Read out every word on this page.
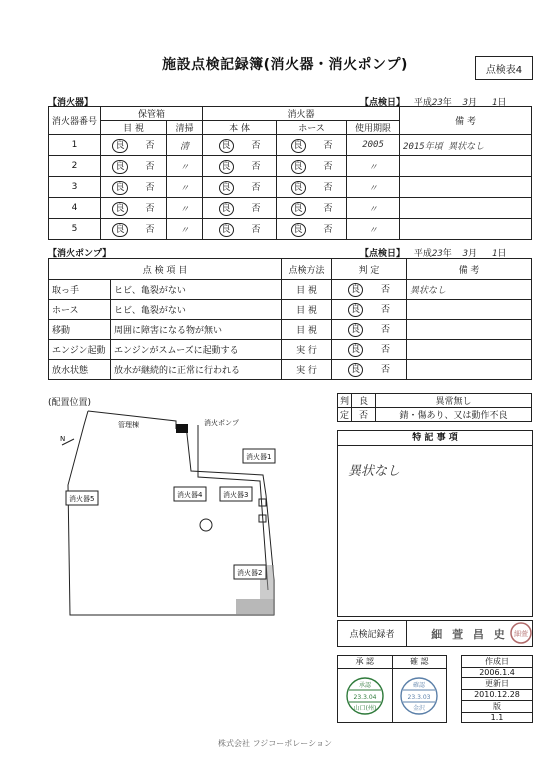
施設点検記録簿(消火器・消火ポンプ)	点検表4
【消火器】	【点検日】 平成23年 3月 1日
消火器番号	保管箱		消火器			備 考
	目 視	清掃	本 体	ホース	使用期限	
1	良 否	清	良 否	良 否	2005	2015年頃 異状なし
2	良 否	〃	良 否	良 否	〃	
3	良 否	〃	良 否	良 否	〃	
4	良 否	〃	良 否	良 否	〃	
5	良 否	〃	良 否	良 否	〃	
【消火ポンプ】	【点検日】 平成23年 3月 1日
点 検 項 目		点検方法	判 定	備 考
取っ手	ヒビ、亀裂がない	目 視	良 否	異状なし
ホース	ヒビ、亀裂がない	目 視	良 否	
移動	周囲に障害になる物が無い	目 視	良 否	
エンジン起動	エンジンがスムーズに起動する	実 行	良 否	
放水状態	放水が継続的に正常に行われる	実 行	良 否	
(配置位置)
管理棟	消火ポンプ
N
消火器1
消火器5	消火器4	消火器3
消火器2
判	良	異常無し
定	否	錆・傷あり、又は動作不良
特 記 事 項
異状なし
点検記録者	細 萱 昌 史 細萱
承 認
承認
23.3.04
山口(州)
確 認
確認
23.3.03
金沢
作成日
2006.1.4
更新日
2010.12.28
版
1.1
株式会社 フジコーポレーション
